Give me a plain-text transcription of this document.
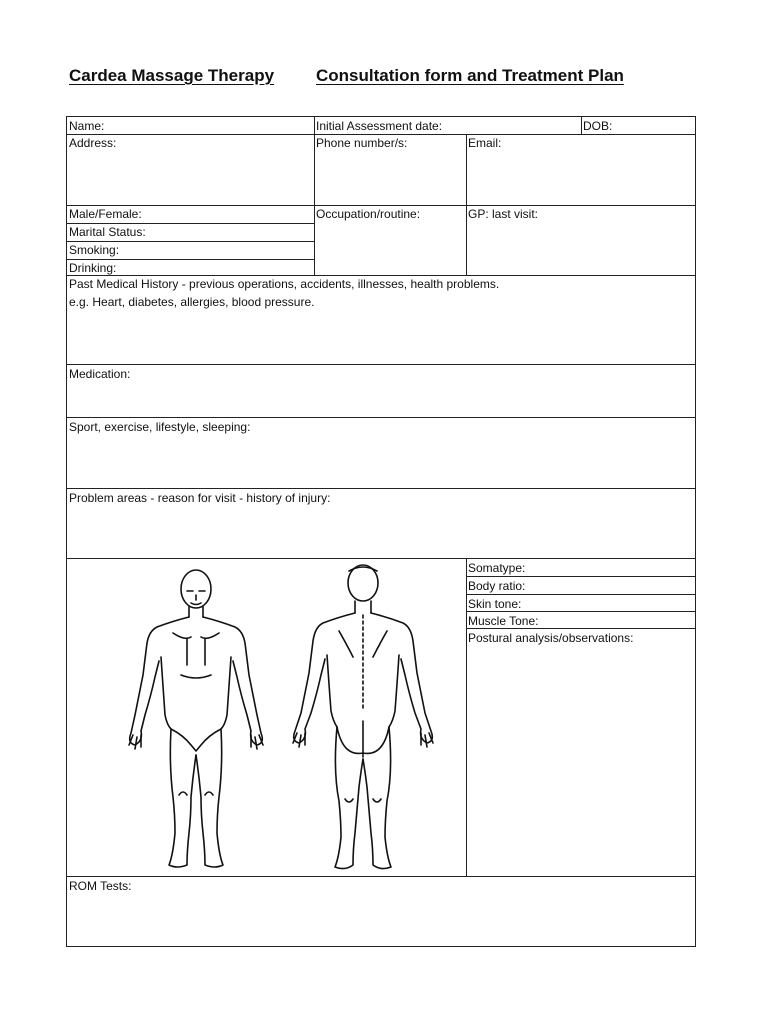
Cardea Massage Therapy Consultation form and Treatment Plan
Name:	Initial Assessment date:	DOB:
Address:	Phone number/s:	Email:
Male/Female:	Occupation/routine:	GP: last visit:
Marital Status:
Smoking:
Drinking:
Past Medical History - previous operations, accidents, illnesses, health problems.
e.g. Heart, diabetes, allergies, blood pressure.
Medication:
Sport, exercise, lifestyle, sleeping:
Problem areas - reason for visit - history of injury:
Somatype:
Body ratio:
Skin tone:
Muscle Tone:
Postural analysis/observations:
ROM Tests:
